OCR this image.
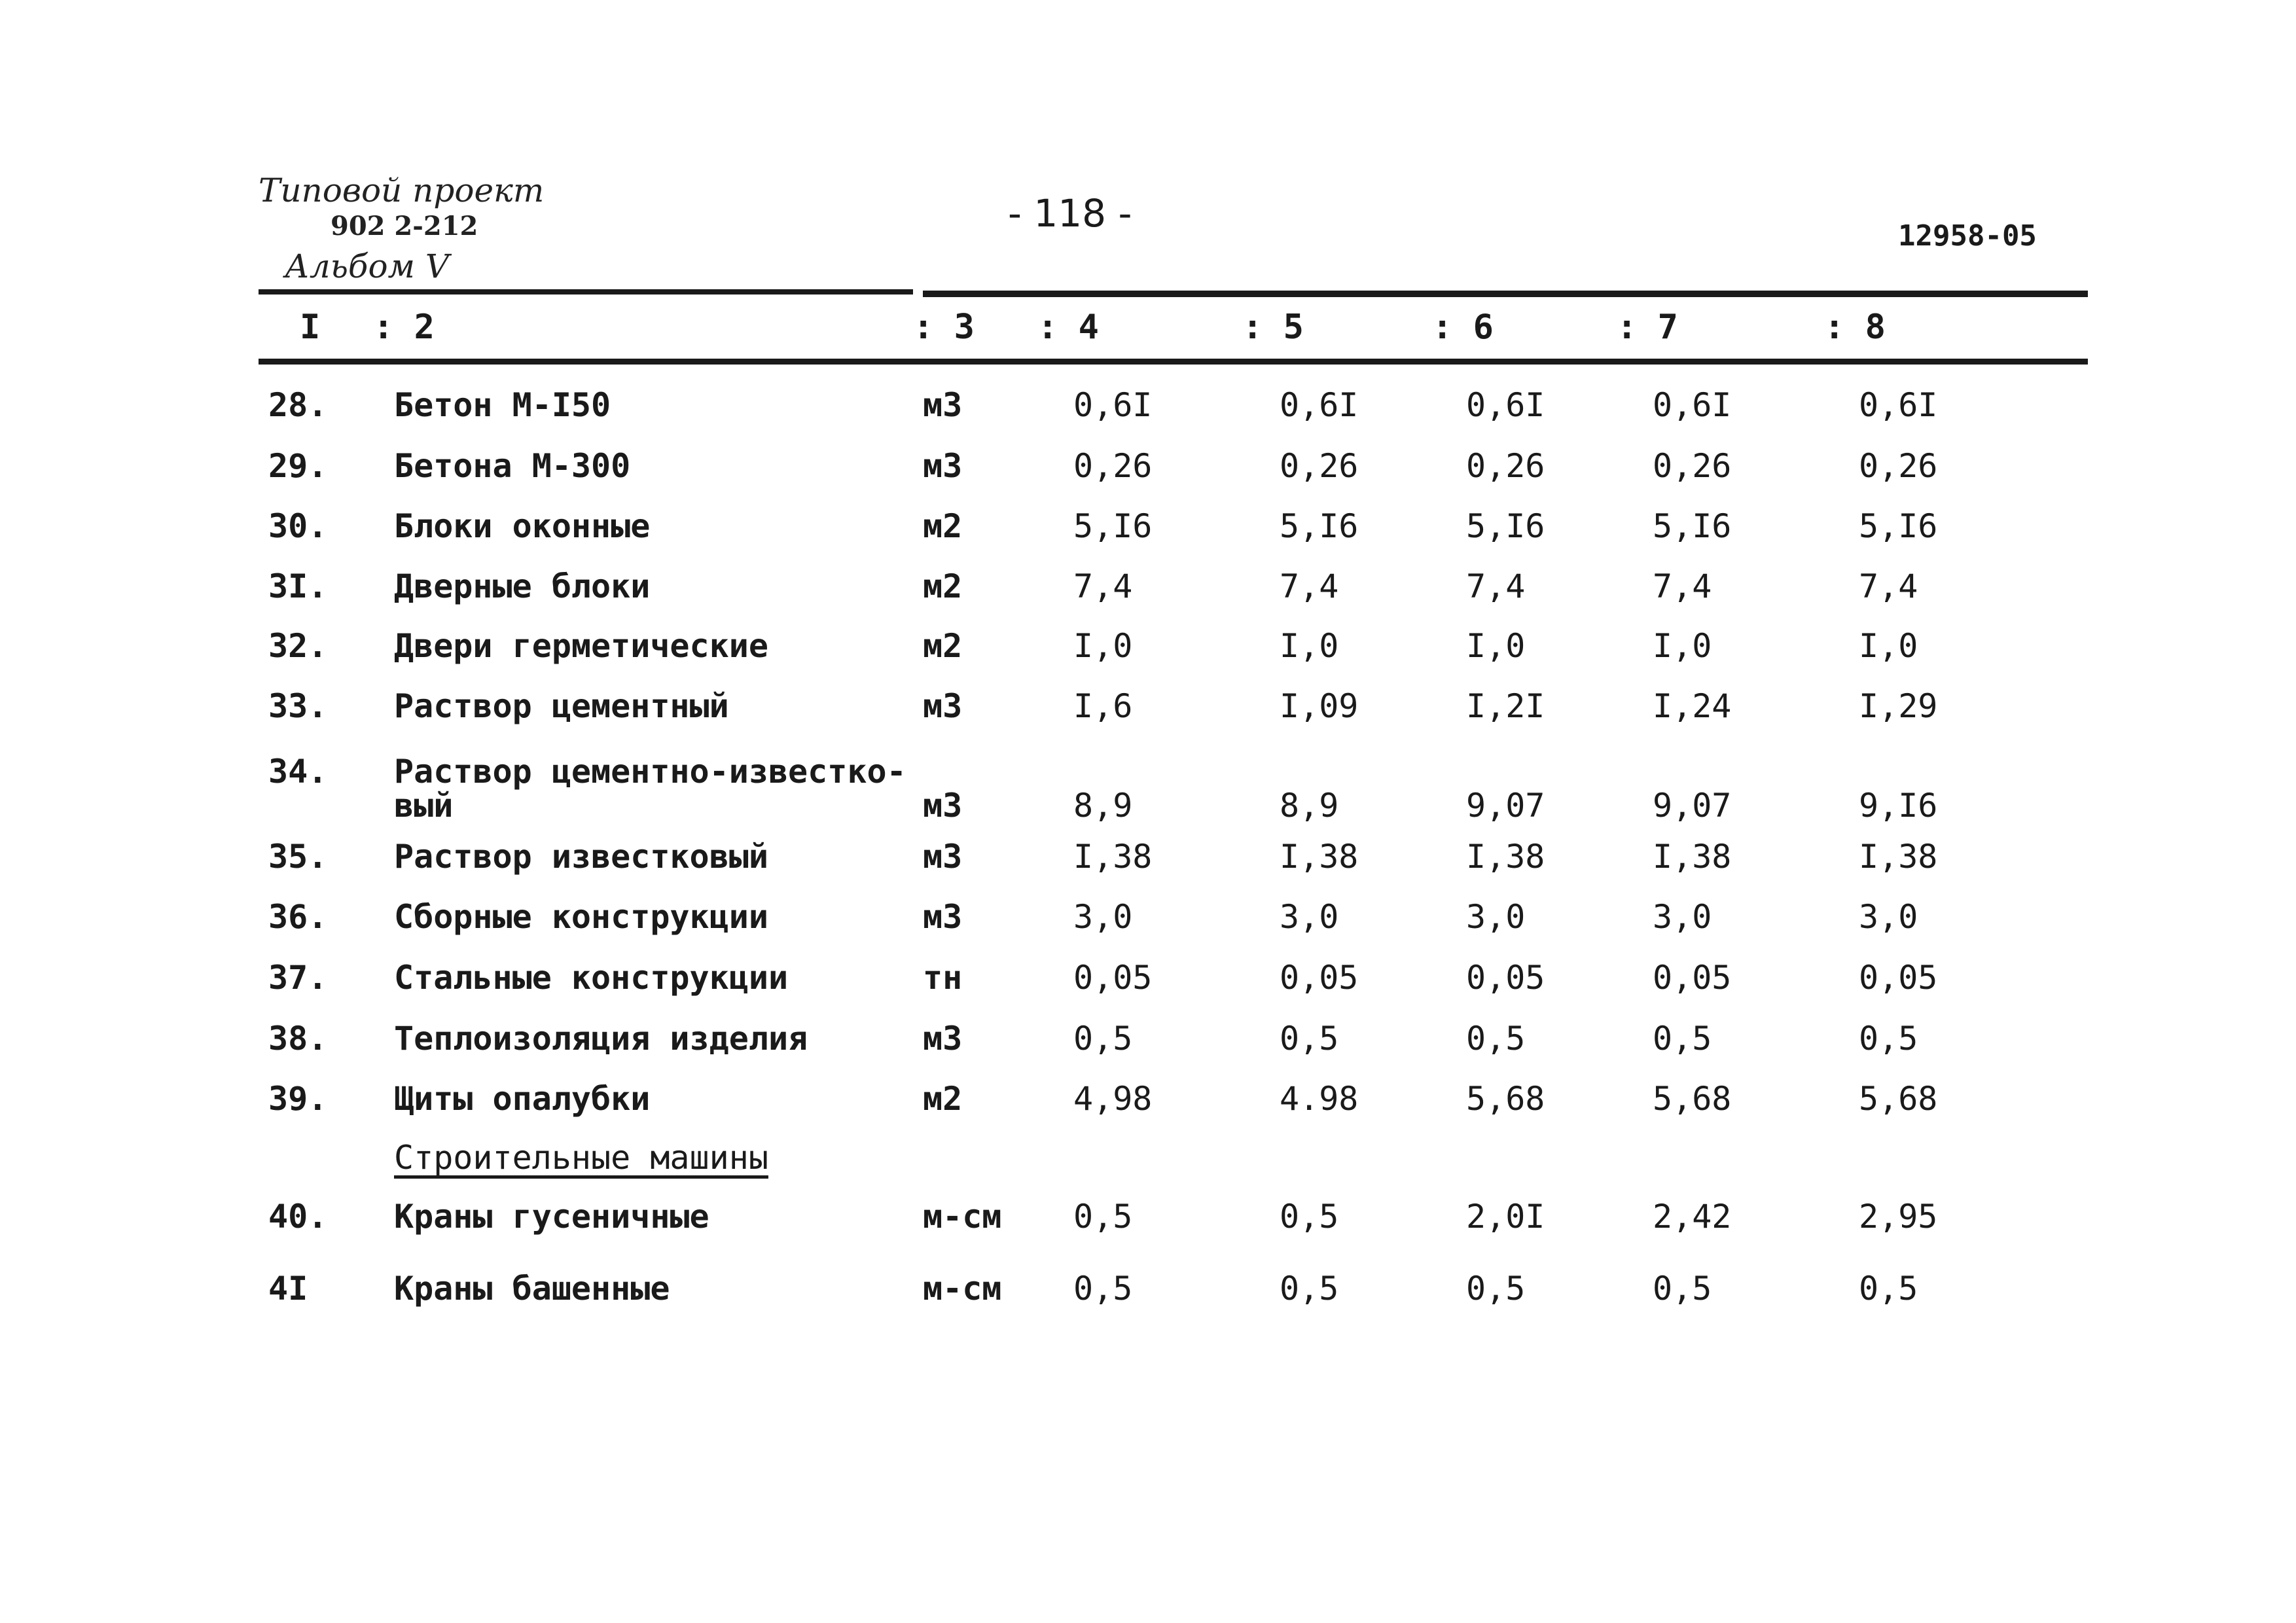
Типовой проект
902 2-212
Альбом V
- 118 -
12958-05
I : 2	: 3 : 4	: 5	: 6	: 7	: 8
28. Бетон М-I50	м3	0,6I	0,6I	0,6I	0,6I	0,6I
29. Бетона М-300	м3	0,26	0,26	0,26	0,26	0,26
30. Блоки оконные	м2	5,I6	5,I6	5,I6	5,I6	5,I6
3I. Дверные блоки	м2	7,4	7,4	7,4	7,4	7,4
32. Двери герметические	м2	I,0	I,0	I,0	I,0	I,0
33. Раствор цементный	м3	I,6	I,09	I,2I	I,24	I,29
34. Раствор цементно-известко-
вый	м3	8,9	8,9	9,07	9,07	9,I6
35. Раствор известковый	м3	I,38	I,38	I,38	I,38	I,38
36. Сборные конструкции	м3	3,0	3,0	3,0	3,0	3,0
37. Стальные конструкции	тн	0,05	0,05	0,05	0,05	0,05
38. Теплоизоляция изделия	м3	0,5	0,5	0,5	0,5	0,5
39. Щиты опалубки	м2	4,98	4.98	5,68	5,68	5,68
40. Краны гусеничные	м-см 0,5	0,5	2,0I	2,42	2,95
4I	Краны башенные	м-см 0,5	0,5	0,5	0,5	0,5
Строительные машины
